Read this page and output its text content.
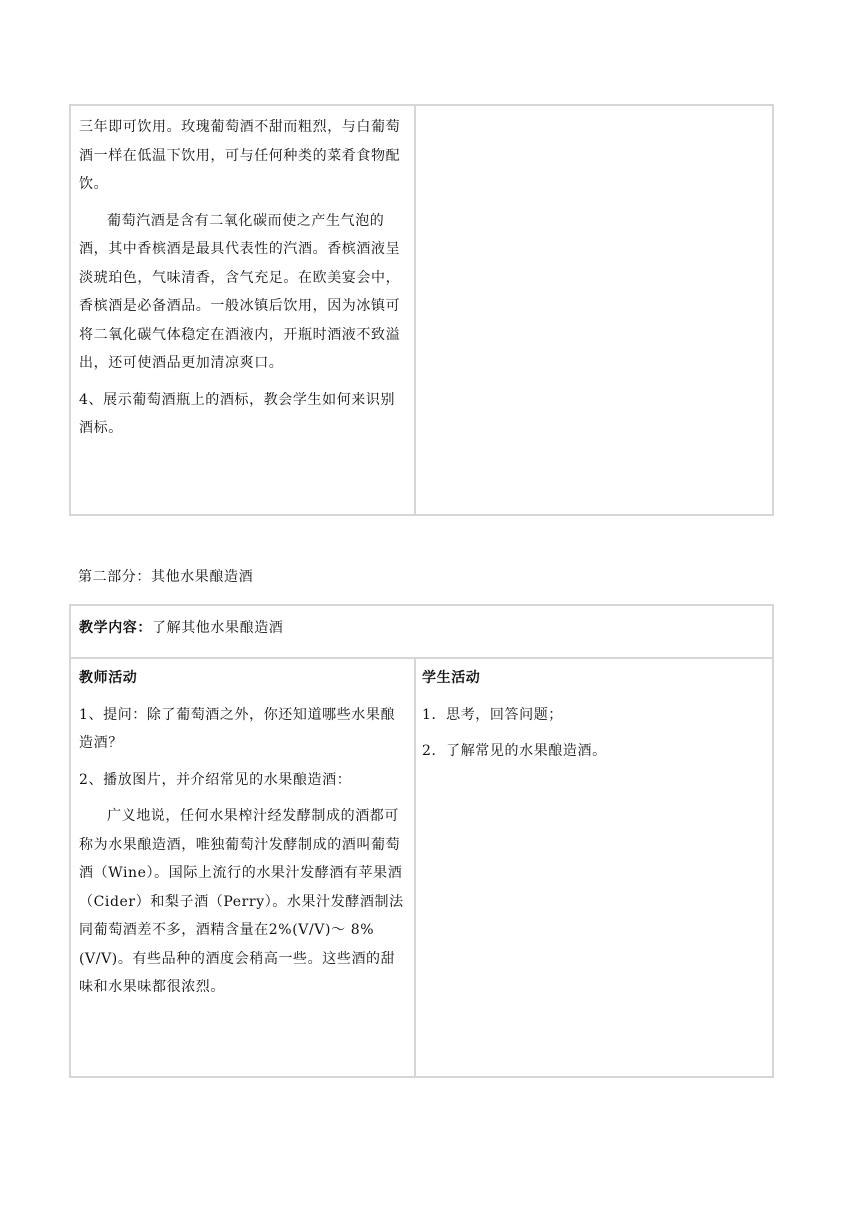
三年即可饮用。玫瑰葡萄酒不甜而粗烈，与白葡萄酒一样在低温下饮用，可与任何种类的菜肴食物配饮。

葡萄汽酒是含有二氧化碳而使之产生气泡的酒，其中香槟酒是最具代表性的汽酒。香槟酒液呈淡琥珀色，气味清香，含气充足。在欧美宴会中，香槟酒是必备酒品。一般冰镇后饮用，因为冰镇可将二氧化碳气体稳定在酒液内，开瓶时酒液不致溢出，还可使酒品更加清凉爽口。

4、展示葡萄酒瓶上的酒标，教会学生如何来识别酒标。

第二部分：其他水果酿造酒

教学内容：了解其他水果酿造酒

教师活动

1、提问：除了葡萄酒之外，你还知道哪些水果酿造酒？

2、播放图片，并介绍常见的水果酿造酒：

广义地说，任何水果榨汁经发酵制成的酒都可称为水果酿造酒，唯独葡萄汁发酵制成的酒叫葡萄酒（Wine）。国际上流行的水果汁发酵酒有苹果酒（Cider）和梨子酒（Perry）。水果汁发酵酒制法同葡萄酒差不多，酒精含量在2%(V/V)～ 8%(V/V)。有些品种的酒度会稍高一些。这些酒的甜味和水果味都很浓烈。

学生活动

1．思考，回答问题；

2．了解常见的水果酿造酒。
